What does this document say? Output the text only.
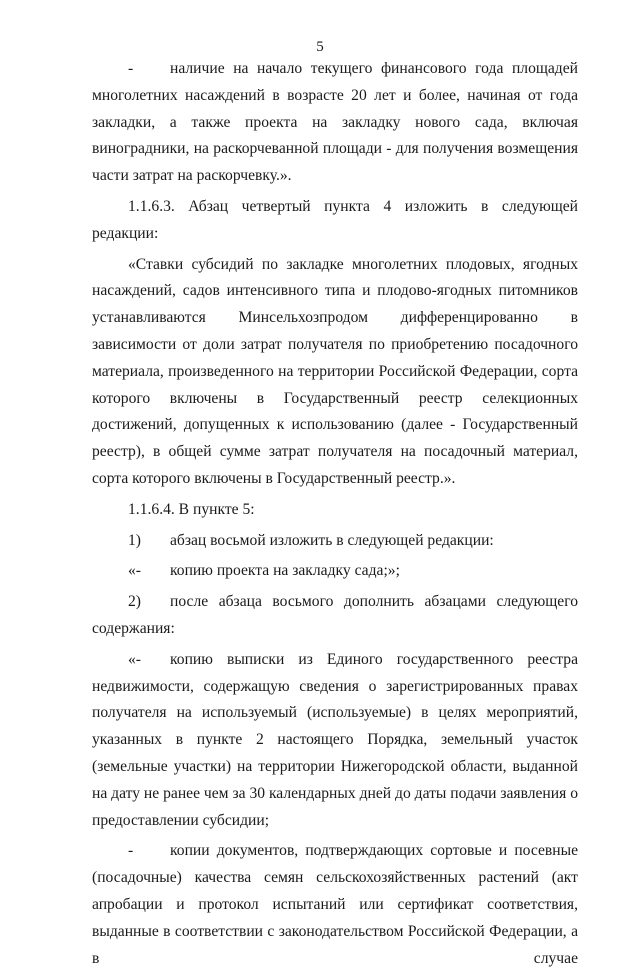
5
-	наличие на начало текущего финансового года площадей

многолетних насаждений в возрасте 20 лет и более, начиная от года закладки, а также проекта на закладку нового сада, включая виноградники, на раскорчеванной площади - для получения возмещения части затрат на раскорчевку.».

1.1.6.3. Абзац четвертый пункта 4 изложить в следующей редакции:

«Ставки субсидий по закладке многолетних плодовых, ягодных насаждений, садов интенсивного типа и плодово-ягодных питомников устанавливаются Минсельхозпродом дифференцированно в зависимости от доли затрат получателя по приобретению посадочного материала, произведенного на территории Российской Федерации, сорта которого включены в Государственный реестр селекционных достижений, допущенных к использованию (далее - Государственный реестр), в общей сумме затрат получателя на посадочный материал, сорта которого включены в Государственный реестр.».

1.1.6.4. В пункте 5:

1)	абзац восьмой изложить в следующей редакции:
«-	копию проекта на закладку сада;»;
2)	после абзаца восьмого дополнить абзацами следующего

содержания:

«-	копию выписки из Единого государственного реестра

недвижимости, содержащую сведения о зарегистрированных правах получателя на используемый (используемые) в целях мероприятий, указанных в пункте 2 настоящего Порядка, земельный участок (земельные участки) на территории Нижегородской области, выданной на дату не ранее чем за 30 календарных дней до даты подачи заявления о предоставлении субсидии;

-	копии документов, подтверждающих сортовые и посевные

(посадочные) качества семян сельскохозяйственных растений (акт апробации и протокол испытаний или сертификат соответствия, выданные в соответствии с законодательством Российской Федерации, а в случае
